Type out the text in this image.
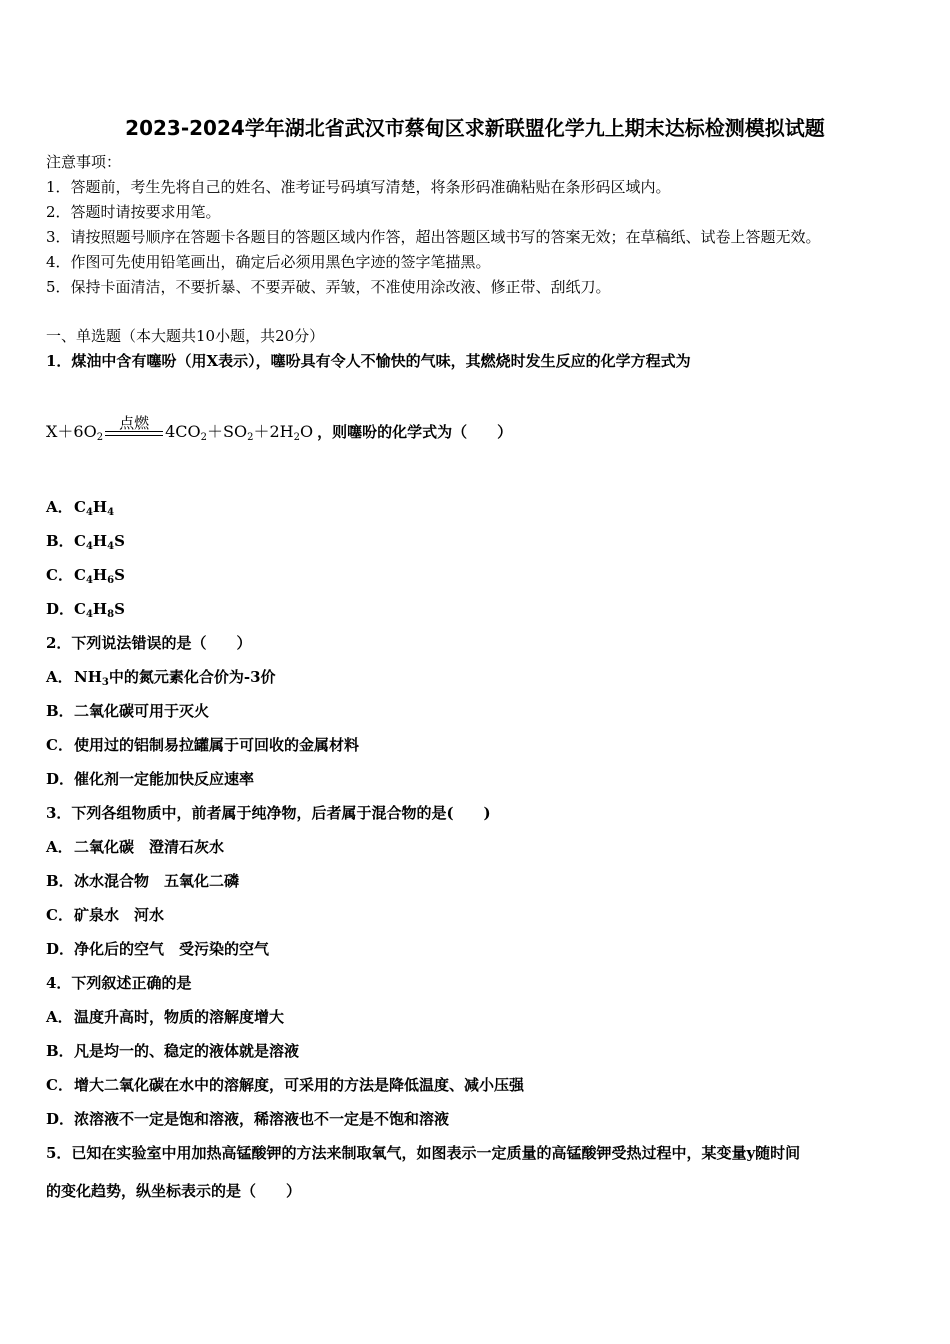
2023-2024学年湖北省武汉市蔡甸区求新联盟化学九上期末达标检测模拟试题
注意事项：
1．答题前，考生先将自己的姓名、准考证号码填写清楚，将条形码准确粘贴在条形码区域内。
2．答题时请按要求用笔。
3．请按照题号顺序在答题卡各题目的答题区域内作答，超出答题区域书写的答案无效；在草稿纸、试卷上答题无效。
4．作图可先使用铅笔画出，确定后必须用黑色字迹的签字笔描黑。
5．保持卡面清洁，不要折暴、不要弄破、弄皱，不准使用涂改液、修正带、刮纸刀。
一、单选题（本大题共10小题，共20分）
1．煤油中含有噻吩（用X表示），噻吩具有令人不愉快的气味，其燃烧时发生反应的化学方程式为
$X+6O_2$
点燃	$4CO_2+SO_2+2H_2O$ ，则噻吩的化学式为（　　）
A．$C_4H_4$
B．$C_4H_4S$
C．$C_4H_6S$
D．$C_4H_8S$
2．下列说法错误的是（　　）
A．$NH_3$中的氮元素化合价为-3价
B．二氧化碳可用于灭火
C．使用过的铝制易拉罐属于可回收的金属材料
D．催化剂一定能加快反应速率
3．下列各组物质中，前者属于纯净物，后者属于混合物的是(　　)
A．二氧化碳　澄清石灰水
B．冰水混合物　五氧化二磷
C．矿泉水　河水
D．净化后的空气　受污染的空气
4．下列叙述正确的是
A．温度升高时，物质的溶解度增大
B．凡是均一的、稳定的液体就是溶液
C．增大二氧化碳在水中的溶解度，可采用的方法是降低温度、减小压强
D．浓溶液不一定是饱和溶液，稀溶液也不一定是不饱和溶液
5．已知在实验室中用加热高锰酸钾的方法来制取氧气，如图表示一定质量的高锰酸钾受热过程中，某变量y随时间
的变化趋势，纵坐标表示的是（　　）
